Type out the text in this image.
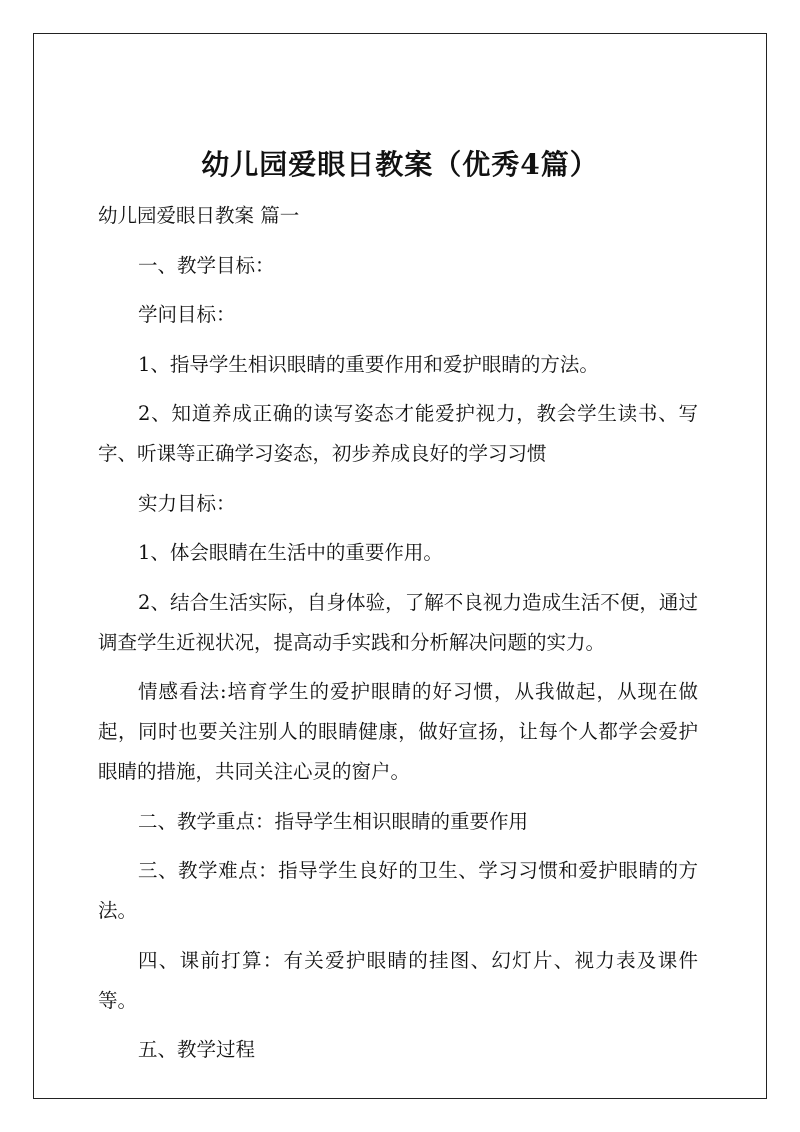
幼儿园爱眼日教案（优秀4篇）

幼儿园爱眼日教案 篇一

一、教学目标：

学问目标：

1、指导学生相识眼睛的重要作用和爱护眼睛的方法。

2、知道养成正确的读写姿态才能爱护视力，教会学生读书、写字、听课等正确学习姿态，初步养成良好的学习习惯

实力目标：

1、体会眼睛在生活中的重要作用。

2、结合生活实际，自身体验，了解不良视力造成生活不便，通过调查学生近视状况，提高动手实践和分析解决问题的实力。

情感看法:培育学生的爱护眼睛的好习惯，从我做起，从现在做起，同时也要关注别人的眼睛健康，做好宣扬，让每个人都学会爱护眼睛的措施，共同关注心灵的窗户。

二、教学重点：指导学生相识眼睛的重要作用

三、教学难点：指导学生良好的卫生、学习习惯和爱护眼睛的方法。

四、课前打算：有关爱护眼睛的挂图、幻灯片、视力表及课件等。

五、教学过程
